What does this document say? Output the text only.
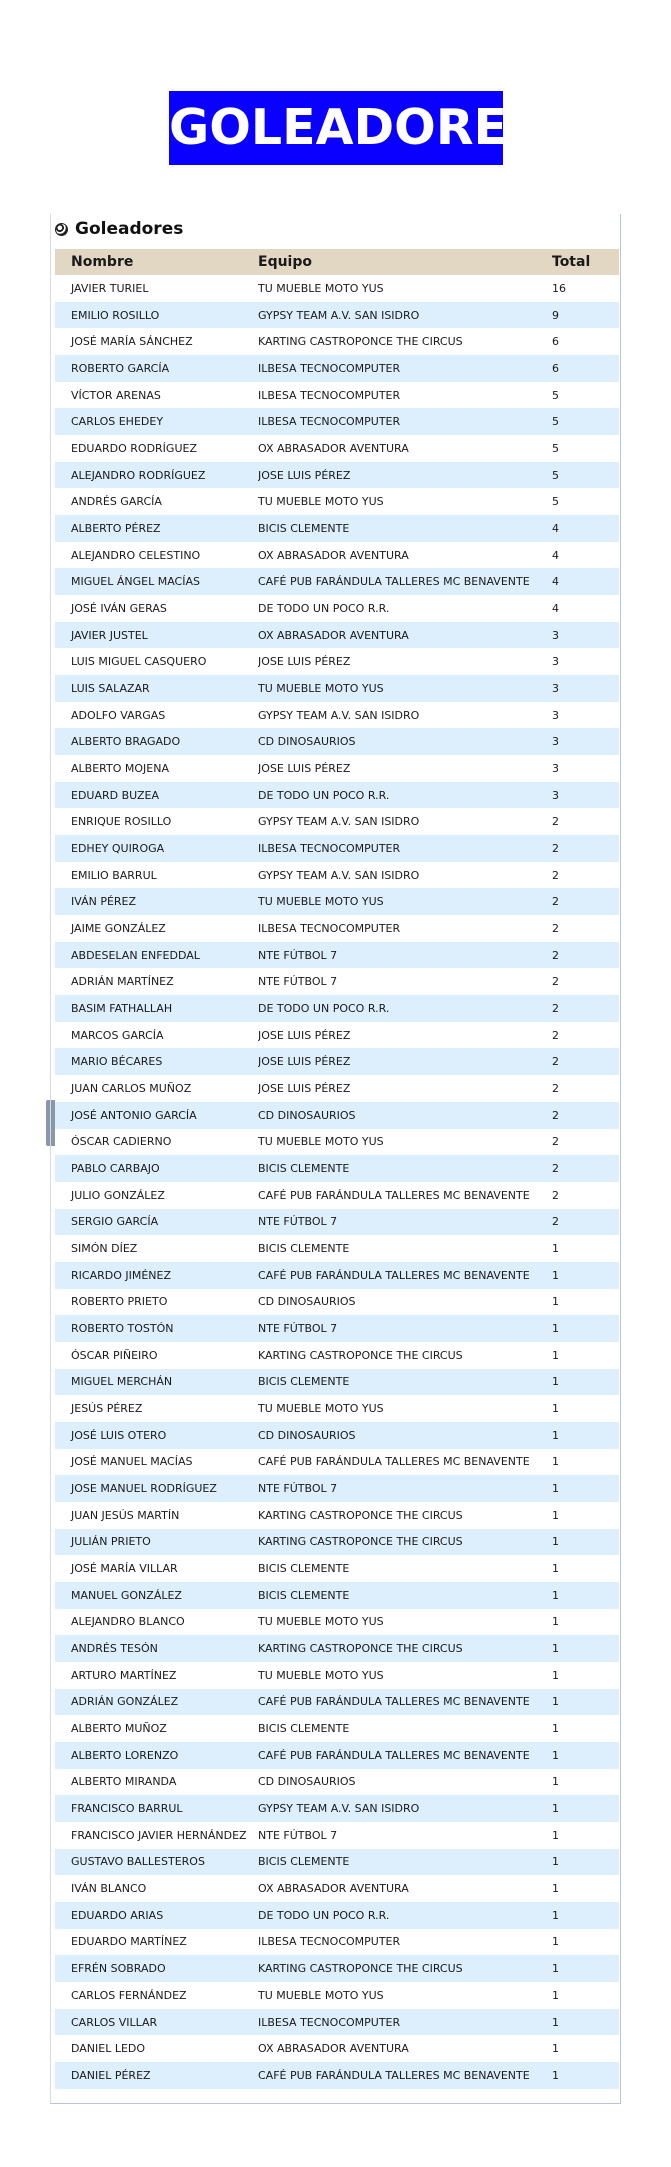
GOLEADORES
Goleadores
Nombre	Equipo	Total
JAVIER TURIEL	TU MUEBLE MOTO YUS	16
EMILIO ROSILLO	GYPSY TEAM A.V. SAN ISIDRO	9
JOSÉ MARÍA SÁNCHEZ	KARTING CASTROPONCE THE CIRCUS	6
ROBERTO GARCÍA	ILBESA TECNOCOMPUTER	6
VÍCTOR ARENAS	ILBESA TECNOCOMPUTER	5
CARLOS EHEDEY	ILBESA TECNOCOMPUTER	5
EDUARDO RODRÍGUEZ	OX ABRASADOR AVENTURA	5
ALEJANDRO RODRÍGUEZ	JOSE LUIS PÉREZ	5
ANDRÉS GARCÍA	TU MUEBLE MOTO YUS	5
ALBERTO PÉREZ	BICIS CLEMENTE	4
ALEJANDRO CELESTINO	OX ABRASADOR AVENTURA	4
MIGUEL ÁNGEL MACÍAS	CAFÉ PUB FARÁNDULA TALLERES MC BENAVENTE	4
JOSÉ IVÁN GERAS	DE TODO UN POCO R.R.	4
JAVIER JUSTEL	OX ABRASADOR AVENTURA	3
LUIS MIGUEL CASQUERO	JOSE LUIS PÉREZ	3
LUIS SALAZAR	TU MUEBLE MOTO YUS	3
ADOLFO VARGAS	GYPSY TEAM A.V. SAN ISIDRO	3
ALBERTO BRAGADO	CD DINOSAURIOS	3
ALBERTO MOJENA	JOSE LUIS PÉREZ	3
EDUARD BUZEA	DE TODO UN POCO R.R.	3
ENRIQUE ROSILLO	GYPSY TEAM A.V. SAN ISIDRO	2
EDHEY QUIROGA	ILBESA TECNOCOMPUTER	2
EMILIO BARRUL	GYPSY TEAM A.V. SAN ISIDRO	2
IVÁN PÉREZ	TU MUEBLE MOTO YUS	2
JAIME GONZÁLEZ	ILBESA TECNOCOMPUTER	2
ABDESELAN ENFEDDAL	NTE FÚTBOL 7	2
ADRIÁN MARTÍNEZ	NTE FÚTBOL 7	2
BASIM FATHALLAH	DE TODO UN POCO R.R.	2
MARCOS GARCÍA	JOSE LUIS PÉREZ	2
MARIO BÉCARES	JOSE LUIS PÉREZ	2
JUAN CARLOS MUÑOZ	JOSE LUIS PÉREZ	2
JOSÉ ANTONIO GARCÍA	CD DINOSAURIOS	2
ÓSCAR CADIERNO	TU MUEBLE MOTO YUS	2
PABLO CARBAJO	BICIS CLEMENTE	2
JULIO GONZÁLEZ	CAFÉ PUB FARÁNDULA TALLERES MC BENAVENTE	2
SERGIO GARCÍA	NTE FÚTBOL 7	2
SIMÓN DÍEZ	BICIS CLEMENTE	1
RICARDO JIMÉNEZ	CAFÉ PUB FARÁNDULA TALLERES MC BENAVENTE	1
ROBERTO PRIETO	CD DINOSAURIOS	1
ROBERTO TOSTÓN	NTE FÚTBOL 7	1
ÓSCAR PIÑEIRO	KARTING CASTROPONCE THE CIRCUS	1
MIGUEL MERCHÁN	BICIS CLEMENTE	1
JESÚS PÉREZ	TU MUEBLE MOTO YUS	1
JOSÉ LUIS OTERO	CD DINOSAURIOS	1
JOSÉ MANUEL MACÍAS	CAFÉ PUB FARÁNDULA TALLERES MC BENAVENTE	1
JOSE MANUEL RODRÍGUEZ	NTE FÚTBOL 7	1
JUAN JESÚS MARTÍN	KARTING CASTROPONCE THE CIRCUS	1
JULIÁN PRIETO	KARTING CASTROPONCE THE CIRCUS	1
JOSÉ MARÍA VILLAR	BICIS CLEMENTE	1
MANUEL GONZÁLEZ	BICIS CLEMENTE	1
ALEJANDRO BLANCO	TU MUEBLE MOTO YUS	1
ANDRÉS TESÓN	KARTING CASTROPONCE THE CIRCUS	1
ARTURO MARTÍNEZ	TU MUEBLE MOTO YUS	1
ADRIÁN GONZÁLEZ	CAFÉ PUB FARÁNDULA TALLERES MC BENAVENTE	1
ALBERTO MUÑOZ	BICIS CLEMENTE	1
ALBERTO LORENZO	CAFÉ PUB FARÁNDULA TALLERES MC BENAVENTE	1
ALBERTO MIRANDA	CD DINOSAURIOS	1
FRANCISCO BARRUL	GYPSY TEAM A.V. SAN ISIDRO	1
FRANCISCO JAVIER HERNÁNDEZ	NTE FÚTBOL 7	1
GUSTAVO BALLESTEROS	BICIS CLEMENTE	1
IVÁN BLANCO	OX ABRASADOR AVENTURA	1
EDUARDO ARIAS	DE TODO UN POCO R.R.	1
EDUARDO MARTÍNEZ	ILBESA TECNOCOMPUTER	1
EFRÉN SOBRADO	KARTING CASTROPONCE THE CIRCUS	1
CARLOS FERNÁNDEZ	TU MUEBLE MOTO YUS	1
CARLOS VILLAR	ILBESA TECNOCOMPUTER	1
DANIEL LEDO	OX ABRASADOR AVENTURA	1
DANIEL PÉREZ	CAFÉ PUB FARÁNDULA TALLERES MC BENAVENTE	1
